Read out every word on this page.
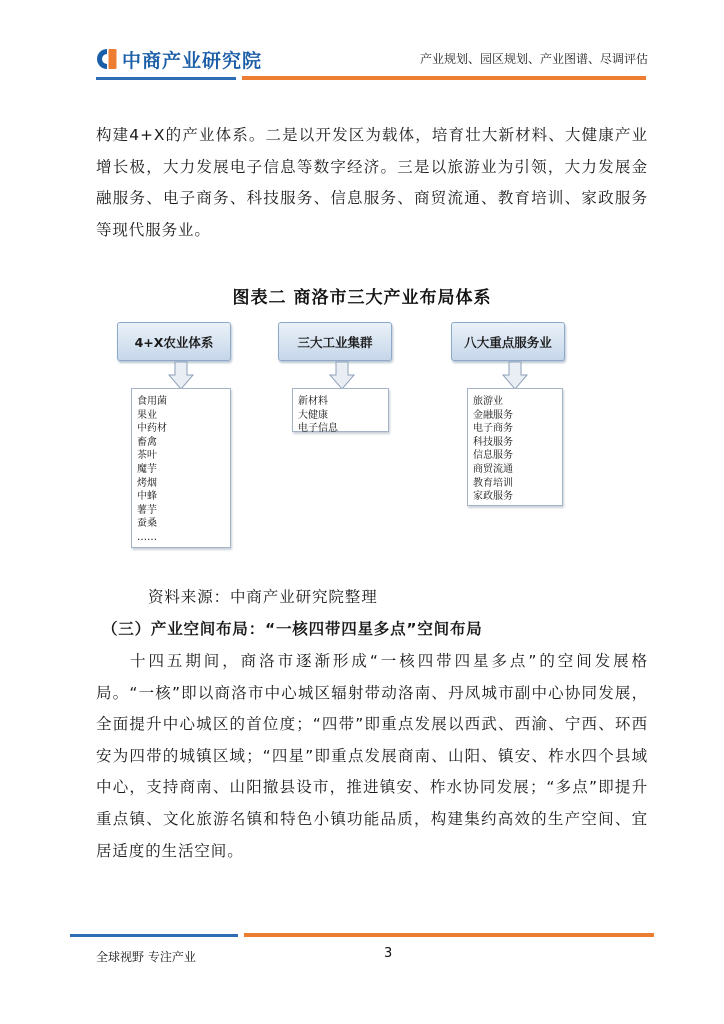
中商产业研究院	产业规划、园区规划、产业图谱、尽调评估
构建4+X的产业体系。二是以开发区为载体，培育壮大新材料、大健康产业增长极，大力发展电子信息等数字经济。三是以旅游业为引领，大力发展金融服务、电子商务、科技服务、信息服务、商贸流通、教育培训、家政服务等现代服务业。
图表二 商洛市三大产业布局体系
4+X农业体系	三大工业集群	八大重点服务业
食用菌
果业
中药材
畜禽
茶叶
魔芋
烤烟
中蜂
薯芋
蚕桑
……
新材料
大健康
电子信息
旅游业
金融服务
电子商务
科技服务
信息服务
商贸流通
教育培训
家政服务
资料来源：中商产业研究院整理
（三）产业空间布局：“一核四带四星多点”空间布局
十四五期间，商洛市逐渐形成“一核四带四星多点”的空间发展格局。“一核”即以商洛市中心城区辐射带动洛南、丹凤城市副中心协同发展，全面提升中心城区的首位度；“四带”即重点发展以西武、西渝、宁西、环西安为四带的城镇区域；“四星”即重点发展商南、山阳、镇安、柞水四个县域中心，支持商南、山阳撤县设市，推进镇安、柞水协同发展；“多点”即提升重点镇、文化旅游名镇和特色小镇功能品质，构建集约高效的生产空间、宜居适度的生活空间。
全球视野 专注产业	3
